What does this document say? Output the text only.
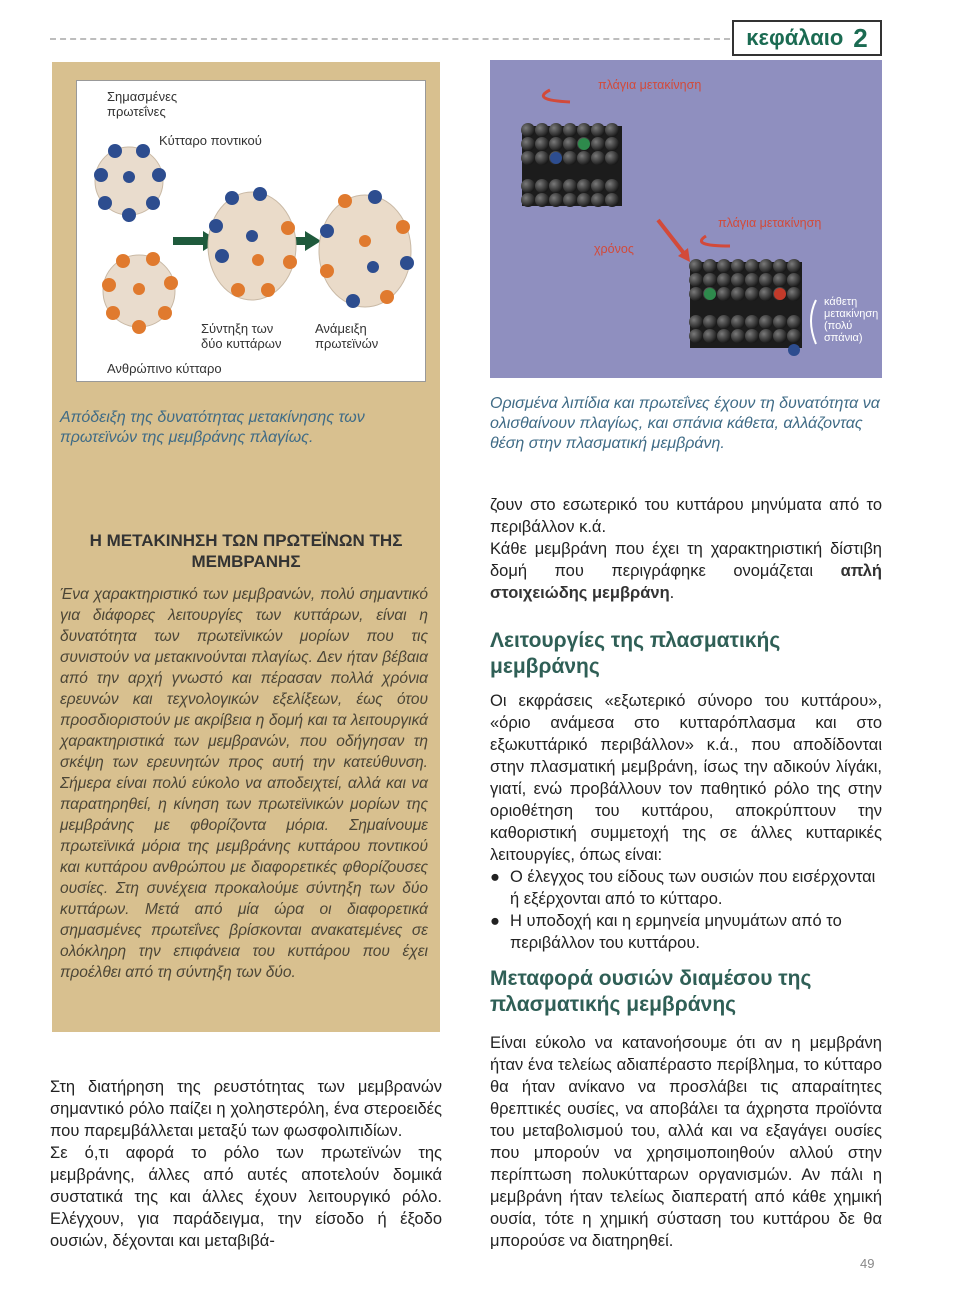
κεφάλαιο 2
Σημασμένες πρωτεΐνες
Κύτταρο ποντικού
Σύντηξη των δύο κυττάρων
Ανάμειξη πρωτεϊνών
Ανθρώπινο κύτταρο
Απόδειξη της δυνατότητας μετακίνησης των πρωτεϊνών της μεμβράνης πλαγίως.
Η ΜΕΤΑΚΙΝΗΣΗ ΤΩΝ ΠΡΩΤΕΪΝΩΝ ΤΗΣ ΜΕΜΒΡΑΝΗΣ
Ένα χαρακτηριστικό των μεμβρανών, πολύ σημαντικό για διάφορες λειτουργίες των κυττάρων, είναι η δυνατότητα των πρωτεϊνικών μορίων που τις συνιστούν να μετακινούνται πλαγίως. Δεν ήταν βέβαια από την αρχή γνωστό και πέρασαν πολλά χρόνια ερευνών και τεχνολογικών εξελίξεων, έως ότου προσδιοριστούν με ακρίβεια η δομή και τα λειτουργικά χαρακτηριστικά των μεμβρανών, που οδήγησαν τη σκέψη των ερευνητών προς αυτή την κατεύθυνση. Σήμερα είναι πολύ εύκολο να αποδειχτεί, αλλά και να παρατηρηθεί, η κίνηση των πρωτεϊνικών μορίων της μεμβράνης με φθορίζοντα μόρια. Σημαίνουμε πρωτεϊνικά μόρια της μεμβράνης κυττάρου ποντικού και κυττάρου ανθρώπου με διαφορετικές φθορίζουσες ουσίες. Στη συνέχεια προκαλούμε σύντηξη των δύο κυττάρων. Μετά από μία ώρα οι διαφορετικά σημασμένες πρωτεΐνες βρίσκονται ανακατεμένες σε ολόκληρη την επιφάνεια του κυττάρου που έχει προέλθει από τη σύντηξη των δύο.

Στη διατήρηση της ρευστότητας των μεμβρανών σημαντικό ρόλο παίζει η χοληστερόλη, ένα στεροειδές που παρεμβάλλεται μεταξύ των φωσφολιπιδίων.

Σε ό,τι αφορά το ρόλο των πρωτεϊνών της μεμβράνης, άλλες από αυτές αποτελούν δομικά συστατικά της και άλλες έχουν λειτουργικό ρόλο. Ελέγχουν, για παράδειγμα, την είσοδο ή έξοδο ουσιών, δέχονται και μεταβιβά-

πλάγια μετακίνηση
χρόνος
πλάγια μετακίνηση
κάθετη μετακίνηση (πολύ σπάνια)
Ορισμένα λιπίδια και πρωτεΐνες έχουν τη δυνατότητα να ολισθαίνουν πλαγίως, και σπάνια κάθετα, αλλάζοντας θέση στην πλασματική μεμβράνη.

ζουν στο εσωτερικό του κυττάρου μηνύματα από το περιβάλλον κ.ά.

Κάθε μεμβράνη που έχει τη χαρακτηριστική δίστιβη δομή που περιγράφηκε ονομάζεται απλή στοιχειώδης μεμβράνη.

Λειτουργίες της πλασματικής μεμβράνης

Οι εκφράσεις «εξωτερικό σύνορο του κυττάρου», «όριο ανάμεσα στο κυτταρόπλασμα και στο εξωκυττάρικό περιβάλλον» κ.ά., που αποδίδονται στην πλασματική μεμβράνη, ίσως την αδικούν λίγάκι, γιατί, ενώ προβάλλουν τον παθητικό ρόλο της στην οριοθέτηση του κυττάρου, αποκρύπτουν την καθοριστική συμμετοχή της σε άλλες κυτταρικές λειτουργίες, όπως είναι:

● Ο έλεγχος του είδους των ουσιών που εισέρχονται ή εξέρχονται από το κύτταρο.
● Η υποδοχή και η ερμηνεία μηνυμάτων από το περιβάλλον του κυττάρου.
Μεταφορά ουσιών διαμέσου της πλασματικής μεμβράνης

Είναι εύκολο να κατανοήσουμε ότι αν η μεμβράνη ήταν ένα τελείως αδιαπέραστο περίβλημα, το κύτταρο θα ήταν ανίκανο να προσλάβει τις απαραίτητες θρεπτικές ουσίες, να αποβάλει τα άχρηστα προϊόντα του μεταβολισμού του, αλλά και να εξαγάγει ουσίες που μπορούν να χρησιμοποιηθούν αλλού στην περίπτωση πολυκύτταρων οργανισμών. Αν πάλι η μεμβράνη ήταν τελείως διαπερατή από κάθε χημική ουσία, τότε η χημική σύσταση του κυττάρου δε θα μπορούσε να διατηρηθεί.

49
